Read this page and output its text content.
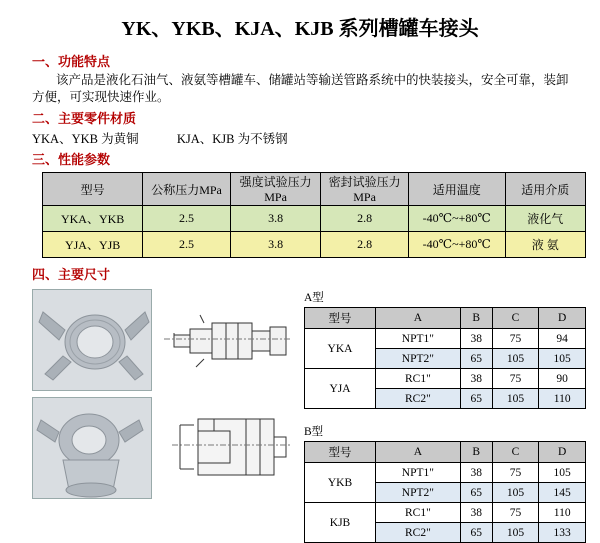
YK、YKB、KJA、KJB 系列槽罐车接头
一、功能特点
该产品是液化石油气、液氨等槽罐车、储罐站等输送管路系统中的快装接头，安全可靠，装卸方便，可实现快速作业。
二、主要零件材质
YKA、YKB 为黄铜	KJA、KJB 为不锈钢
三、性能参数
型号	公称压力MPa	强度试验压力MPa	密封试验压力MPa	适用温度	适用介质
YKA、YKB	2.5	3.8	2.8	-40℃~+80℃	液化气
YJA、YJB	2.5	3.8	2.8	-40℃~+80℃	液 氨
四、主要尺寸
A型
型号	A	B	C	D
YKA	NPT1"	38	75	94
	NPT2"	65	105	105
YJA	RC1"	38	75	90
	RC2"	65	105	110
B型
型号	A	B	C	D
YKB	NPT1"	38	75	105
	NPT2"	65	105	145
KJB	RC1"	38	75	110
	RC2"	65	105	133
